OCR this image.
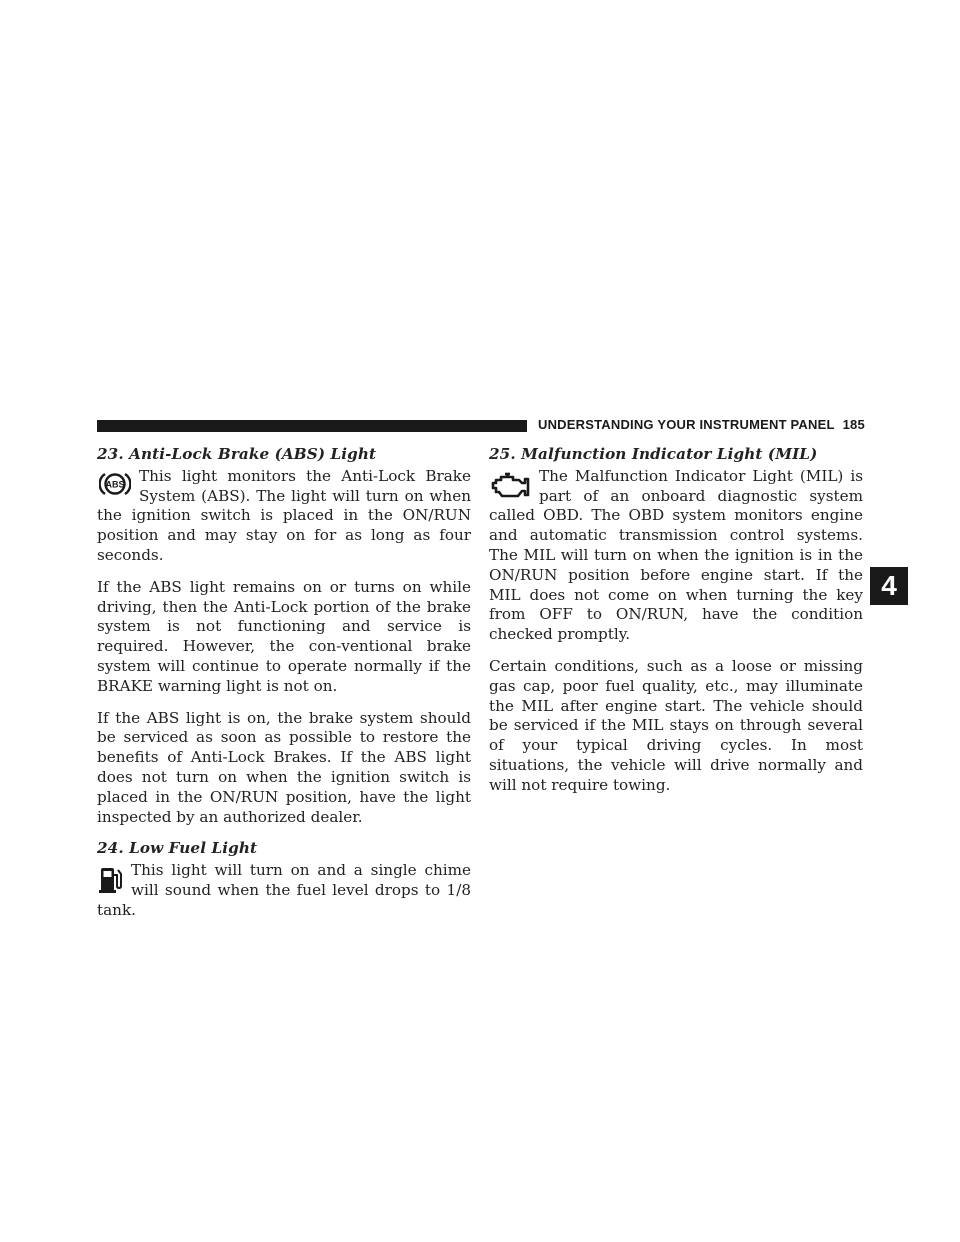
UNDERSTANDING YOUR INSTRUMENT PANEL 185
4
23. Anti-Lock Brake (ABS) Light

ABS This light monitors the Anti-Lock Brake System (ABS). The light will turn on when the ignition switch is placed in the ON/RUN position and may stay on for as long as four seconds.

If the ABS light remains on or turns on while driving, then the Anti-Lock portion of the brake system is not functioning and service is required. However, the con-ventional brake system will continue to operate normally if the BRAKE warning light is not on.

If the ABS light is on, the brake system should be serviced as soon as possible to restore the benefits of Anti-Lock Brakes. If the ABS light does not turn on when the ignition switch is placed in the ON/RUN position, have the light inspected by an authorized dealer.

24. Low Fuel Light

This light will turn on and a single chime will sound when the fuel level drops to 1/8 tank.

25. Malfunction Indicator Light (MIL)

The Malfunction Indicator Light (MIL) is part of an onboard diagnostic system called OBD. The OBD system monitors engine and automatic transmission control systems. The MIL will turn on when the ignition is in the ON/RUN position before engine start. If the MIL does not come on when turning the key from OFF to ON/RUN, have the condition checked promptly.

Certain conditions, such as a loose or missing gas cap, poor fuel quality, etc., may illuminate the MIL after engine start. The vehicle should be serviced if the MIL stays on through several of your typical driving cycles. In most situations, the vehicle will drive normally and will not require towing.
